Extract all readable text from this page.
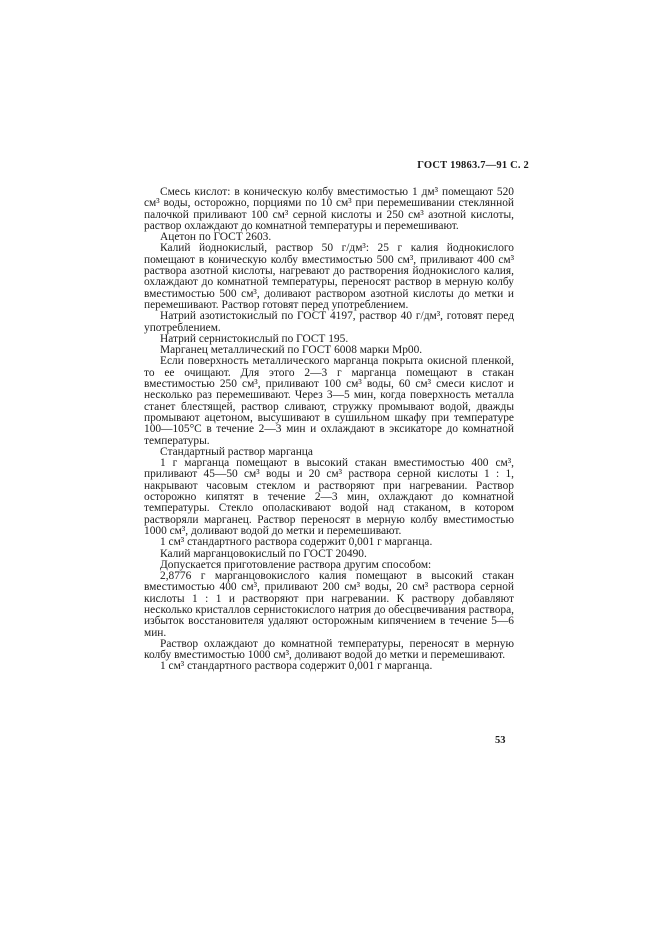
ГОСТ 19863.7—91 С. 2

Смесь кислот: в коническую колбу вместимостью 1 дм³ помещают 520 см³ воды, осторожно, порциями по 10 см³ при перемешивании стеклянной палочкой приливают 100 см³ серной кислоты и 250 см³ азотной кислоты, раствор охлаждают до комнатной температуры и перемешивают.

Ацетон по ГОСТ 2603.

Калий йоднокислый, раствор 50 г/дм³: 25 г калия йоднокислого помещают в коническую колбу вместимостью 500 см³, приливают 400 см³ раствора азотной кислоты, нагревают до растворения йоднокислого калия, охлаждают до комнатной температуры, переносят раствор в мерную колбу вместимостью 500 см³, доливают раствором азотной кислоты до метки и перемешивают. Раствор готовят перед употреблением.

Натрий азотистокислый по ГОСТ 4197, раствор 40 г/дм³, готовят перед употреблением.

Натрий сернистокислый по ГОСТ 195.

Марганец металлический по ГОСТ 6008 марки Мр00.

Если поверхность металлического марганца покрыта окисной пленкой, то ее очищают. Для этого 2—3 г марганца помещают в стакан вместимостью 250 см³, приливают 100 см³ воды, 60 см³ смеси кислот и несколько раз перемешивают. Через 3—5 мин, когда поверхность металла станет блестящей, раствор сливают, стружку промывают водой, дважды промывают ацетоном, высушивают в сушильном шкафу при температуре 100—105°С в течение 2—3 мин и охлаждают в эксикаторе до комнатной температуры.

Стандартный раствор марганца

1 г марганца помещают в высокий стакан вместимостью 400 см³, приливают 45—50 см³ воды и 20 см³ раствора серной кислоты 1 : 1, накрывают часовым стеклом и растворяют при нагревании. Раствор осторожно кипятят в течение 2—3 мин, охлаждают до комнатной температуры. Стекло ополаскивают водой над стаканом, в котором растворяли марганец. Раствор переносят в мерную колбу вместимостью 1000 см³, доливают водой до метки и перемешивают.

1 см³ стандартного раствора содержит 0,001 г марганца.

Калий марганцовокислый по ГОСТ 20490.

Допускается приготовление раствора другим способом:

2,8776 г марганцовокислого калия помещают в высокий стакан вместимостью 400 см³, приливают 200 см³ воды, 20 см³ раствора серной кислоты 1 : 1 и растворяют при нагревании. К раствору добавляют несколько кристаллов сернистокислого натрия до обесцвечивания раствора, избыток восстановителя удаляют осторожным кипячением в течение 5—6 мин.

Раствор охлаждают до комнатной температуры, переносят в мерную колбу вместимостью 1000 см³, доливают водой до метки и перемешивают.

1 см³ стандартного раствора содержит 0,001 г марганца.

53
